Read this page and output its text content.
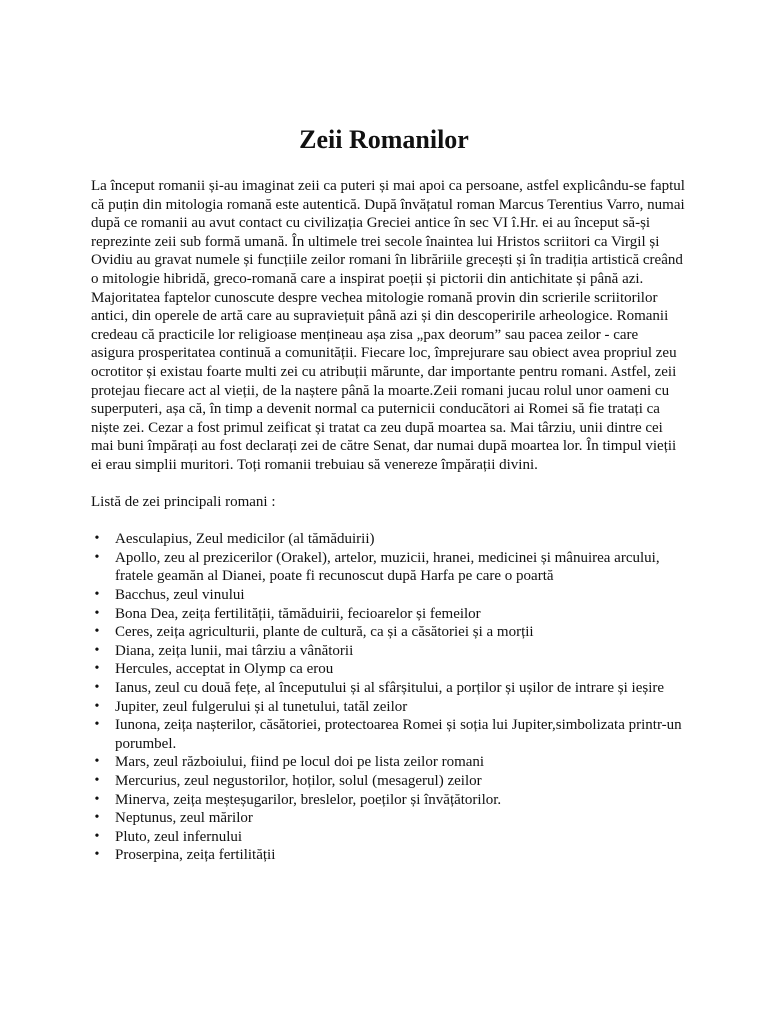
Zeii Romanilor

La început romanii și-au imaginat zeii ca puteri și mai apoi ca persoane, astfel explicându-se faptul că puțin din mitologia romană este autentică. După învățatul roman Marcus Terentius Varro, numai după ce romanii au avut contact cu civilizația Greciei antice în sec VI î.Hr. ei au început să-și reprezinte zeii sub formă umană. În ultimele trei secole înaintea lui Hristos scriitori ca Virgil și Ovidiu au gravat numele și funcțiile zeilor romani în librăriile grecești și în tradiția artistică creând o mitologie hibridă, greco-romană care a inspirat poeții și pictorii din antichitate și până azi.

Majoritatea faptelor cunoscute despre vechea mitologie romană provin din scrierile scriitorilor antici, din operele de artă care au supraviețuit până azi și din descoperirile arheologice. Romanii credeau că practicile lor religioase mențineau așa zisa „pax deorum” sau pacea zeilor - care asigura prosperitatea continuă a comunității. Fiecare loc, împrejurare sau obiect avea propriul zeu ocrotitor și existau foarte multi zei cu atribuții mărunte, dar importante pentru romani. Astfel, zeii protejau fiecare act al vieții, de la naștere până la moarte.Zeii romani jucau rolul unor oameni cu superputeri, așa că, în timp a devenit normal ca puternicii conducători ai Romei să fie tratați ca niște zei. Cezar a fost primul zeificat și tratat ca zeu după moartea sa. Mai târziu, unii dintre cei mai buni împărați au fost declarați zei de către Senat, dar numai după moartea lor. În timpul vieții ei erau simplii muritori. Toți romanii trebuiau să venereze împărații divini.

Listă de zei principali romani :

• Aesculapius, Zeul medicilor (al tămăduirii)
• Apollo, zeu al prezicerilor (Orakel), artelor, muzicii, hranei, medicinei și mânuirea arcului, fratele geamăn al Dianei, poate fi recunoscut după Harfa pe care o poartă
• Bacchus, zeul vinului
• Bona Dea, zeița fertilității, tămăduirii, fecioarelor și femeilor
• Ceres, zeița agriculturii, plante de cultură, ca și a căsătoriei și a morții
• Diana, zeița lunii, mai târziu a vânătorii
• Hercules, acceptat in Olymp ca erou
• Ianus, zeul cu două fețe, al începutului și al sfârșitului, a porților și ușilor de intrare și ieșire
• Jupiter, zeul fulgerului și al tunetului, tatăl zeilor
• Iunona, zeița nașterilor, căsătoriei, protectoarea Romei și soția lui Jupiter,simbolizata printr-un porumbel.
• Mars, zeul războiului, fiind pe locul doi pe lista zeilor romani
• Mercurius, zeul negustorilor, hoților, solul (mesagerul) zeilor
• Minerva, zeița meșteșugarilor, breslelor, poeților și învățătorilor.
• Neptunus, zeul mărilor
• Pluto, zeul infernului
• Proserpina, zeița fertilității
